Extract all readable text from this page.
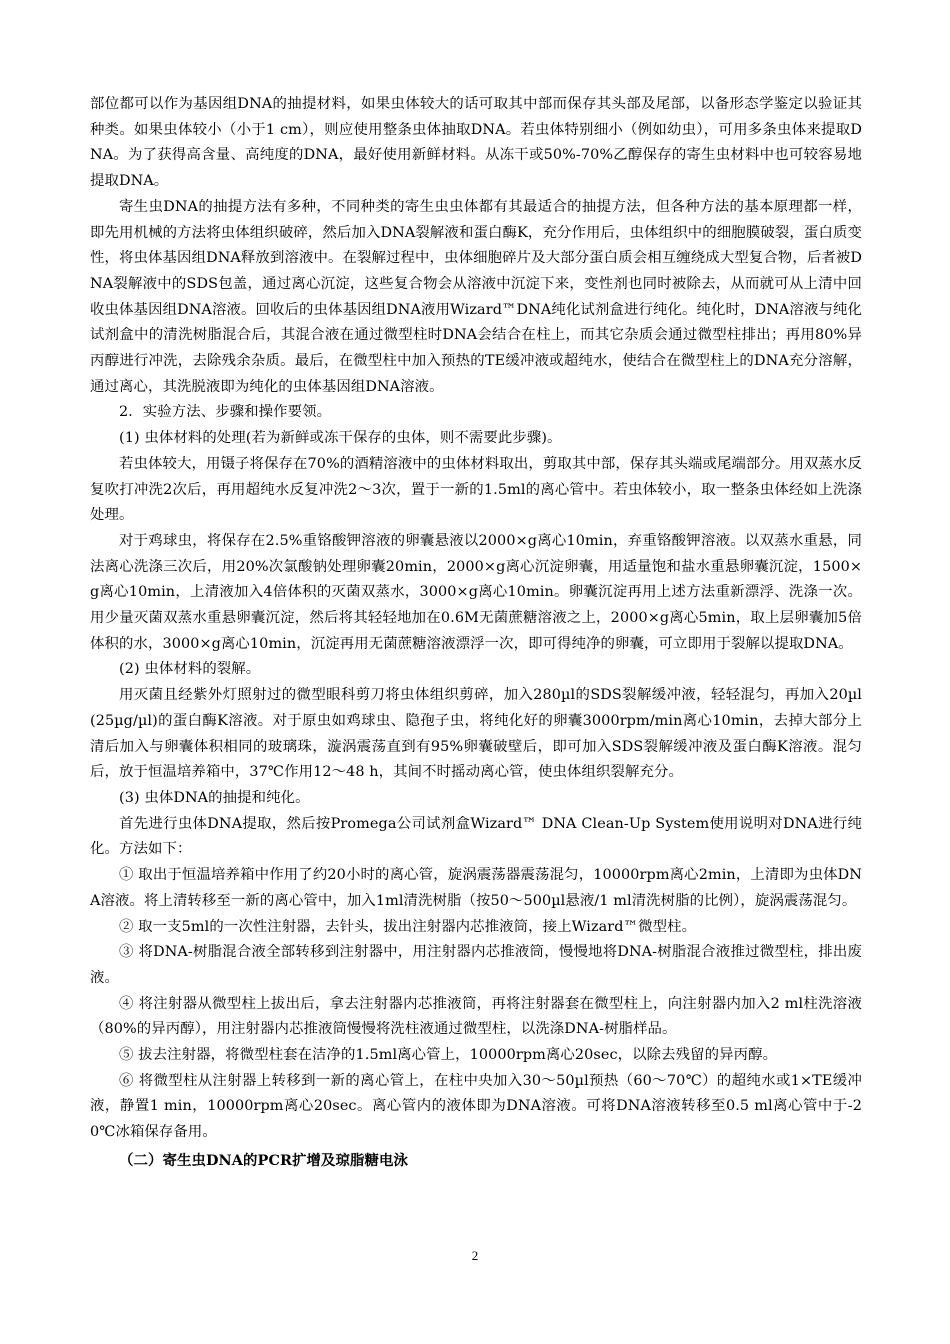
部位都可以作为基因组DNA的抽提材料，如果虫体较大的话可取其中部而保存其头部及尾部，以备形态学鉴定以验证其种类。如果虫体较小（小于1 cm），则应使用整条虫体抽取DNA。若虫体特别细小（例如幼虫），可用多条虫体来提取DNA。为了获得高含量、高纯度的DNA，最好使用新鲜材料。从冻干或50%-70%乙醇保存的寄生虫材料中也可较容易地提取DNA。

寄生虫DNA的抽提方法有多种，不同种类的寄生虫虫体都有其最适合的抽提方法，但各种方法的基本原理都一样，即先用机械的方法将虫体组织破碎，然后加入DNA裂解液和蛋白酶K，充分作用后，虫体组织中的细胞膜破裂，蛋白质变性，将虫体基因组DNA释放到溶液中。在裂解过程中，虫体细胞碎片及大部分蛋白质会相互缠绕成大型复合物，后者被DNA裂解液中的SDS包盖，通过离心沉淀，这些复合物会从溶液中沉淀下来，变性剂也同时被除去，从而就可从上清中回收虫体基因组DNA溶液。回收后的虫体基因组DNA液用Wizard™DNA纯化试剂盒进行纯化。纯化时，DNA溶液与纯化试剂盒中的清洗树脂混合后，其混合液在通过微型柱时DNA会结合在柱上，而其它杂质会通过微型柱排出；再用80%异丙醇进行冲洗，去除残余杂质。最后，在微型柱中加入预热的TE缓冲液或超纯水，使结合在微型柱上的DNA充分溶解，通过离心，其洗脱液即为纯化的虫体基因组DNA溶液。

2．实验方法、步骤和操作要领。

(1) 虫体材料的处理(若为新鲜或冻干保存的虫体，则不需要此步骤)。

若虫体较大，用镊子将保存在70%的酒精溶液中的虫体材料取出，剪取其中部，保存其头端或尾端部分。用双蒸水反复吹打冲洗2次后，再用超纯水反复冲洗2～3次，置于一新的1.5ml的离心管中。若虫体较小，取一整条虫体经如上洗涤处理。

对于鸡球虫，将保存在2.5%重铬酸钾溶液的卵囊悬液以2000×g离心10min，弃重铬酸钾溶液。以双蒸水重悬，同法离心洗涤三次后，用20%次氯酸钠处理卵囊20min，2000×g离心沉淀卵囊，用适量饱和盐水重悬卵囊沉淀，1500×g离心10min，上清液加入4倍体积的灭菌双蒸水，3000×g离心10min。卵囊沉淀再用上述方法重新漂浮、洗涤一次。用少量灭菌双蒸水重悬卵囊沉淀，然后将其轻轻地加在0.6M无菌蔗糖溶液之上，2000×g离心5min，取上层卵囊加5倍体积的水，3000×g离心10min，沉淀再用无菌蔗糖溶液漂浮一次，即可得纯净的卵囊，可立即用于裂解以提取DNA。

(2) 虫体材料的裂解。

用灭菌且经紫外灯照射过的微型眼科剪刀将虫体组织剪碎，加入280µl的SDS裂解缓冲液，轻轻混匀，再加入20µl(25µg/µl)的蛋白酶K溶液。对于原虫如鸡球虫、隐孢子虫，将纯化好的卵囊3000rpm/min离心10min，去掉大部分上清后加入与卵囊体积相同的玻璃珠，漩涡震荡直到有95%卵囊破壁后，即可加入SDS裂解缓冲液及蛋白酶K溶液。混匀后，放于恒温培养箱中，37℃作用12～48 h，其间不时摇动离心管，使虫体组织裂解充分。

(3) 虫体DNA的抽提和纯化。

首先进行虫体DNA提取，然后按Promega公司试剂盒Wizard™ DNA Clean-Up System使用说明对DNA进行纯化。方法如下：

① 取出于恒温培养箱中作用了约20小时的离心管，旋涡震荡器震荡混匀，10000rpm离心2min，上清即为虫体DNA溶液。将上清转移至一新的离心管中，加入1ml清洗树脂（按50～500µl悬液/1 ml清洗树脂的比例），旋涡震荡混匀。

② 取一支5ml的一次性注射器，去针头，拔出注射器内芯推液筒，接上Wizard™微型柱。

③ 将DNA-树脂混合液全部转移到注射器中，用注射器内芯推液筒，慢慢地将DNA-树脂混合液推过微型柱，排出废液。

④ 将注射器从微型柱上拔出后，拿去注射器内芯推液筒，再将注射器套在微型柱上，向注射器内加入2 ml柱洗溶液（80%的异丙醇），用注射器内芯推液筒慢慢将洗柱液通过微型柱，以洗涤DNA-树脂样品。

⑤ 拔去注射器，将微型柱套在洁净的1.5ml离心管上，10000rpm离心20sec，以除去残留的异丙醇。

⑥ 将微型柱从注射器上转移到一新的离心管上，在柱中央加入30～50µl预热（60～70℃）的超纯水或1×TE缓冲液，静置1 min，10000rpm离心20sec。离心管内的液体即为DNA溶液。可将DNA溶液转移至0.5 ml离心管中于-20℃冰箱保存备用。

（二）寄生虫DNA的PCR扩增及琼脂糖电泳

2
